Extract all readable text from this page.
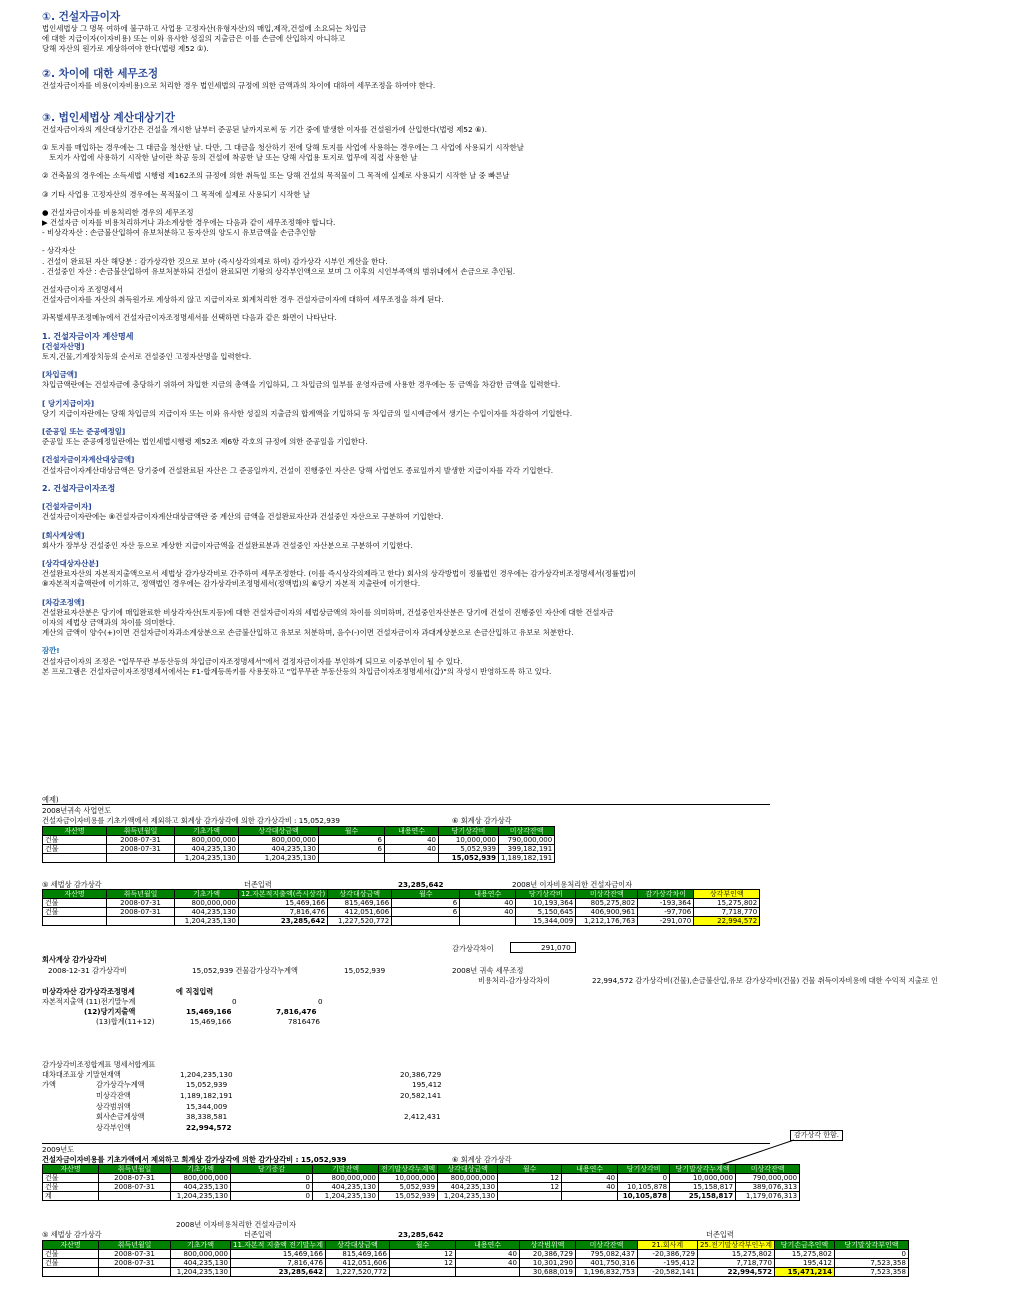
①. 건설자금이자
법인세법상 그 명목 여하에 불구하고 사업용 고정자산(유형자산)의 매입,제작,건설에 소요되는 차입금
에 대한 지급이자(이자비용) 또는 이와 유사한 성질의 지출금은 이를 손금에 산입하지 아니하고
당해 자산의 원가로 계상하여야 한다(법령 제52 ①).
②. 차이에 대한 세무조정
건설자금이자를 비용(이자비용)으로 처리한 경우 법인세법의 규정에 의한 금액과의 차이에 대하여 세무조정을 하여야 한다.
③. 법인세법상 계산대상기간
건설자금이자의 계산대상기간은 건설을 개시한 날부터 준공된 날까지로써 동 기간 중에 발생한 이자를 건설원가에 산입한다(법령 제52 ⑥).
① 토지를 매입하는 경우에는 그 대금을 청산한 날. 다만, 그 대금을 청산하기 전에 당해 토지를 사업에 사용하는 경우에는 그 사업에 사용되기 시작한날
토지가 사업에 사용하기 시작한 날이란 착공 등의 건설에 착공한 날 또는 당해 사업용 토지로 업무에 직접 사용한 날
② 건축물의 경우에는 소득세법 시행령 제162조의 규정에 의한 취득일 또는 당해 건설의 목적물이 그 목적에 실제로 사용되기 시작한 날 중 빠른날
③ 기타 사업용 고정자산의 경우에는 목적물이 그 목적에 실제로 사용되기 시작한 날
● 건설자금이자를 비용처리한 경우의 세무조정
▶ 건설자금 이자를 비용처리하거나 과소계상한 경우에는 다음과 같이 세무조정해야 합니다.
- 비상각자산 : 손금불산입하여 유보처분하고 동자산의 양도시 유보금액을 손금추인함
- 상각자산
. 건설이 완료된 자산 해당분 : 감가상각한 것으로 보아 (즉시상각의제로 하여) 감가상각 시부인 계산을 한다.
. 건설중인 자산 : 손금불산입하여 유보처분하되 건설이 완료되면 기왕의 상각부인액으로 보며 그 이후의 시인부족액의 범위내에서 손금으로 추인됨.
건설자금이자 조정명세서
건설자금이자를 자산의 취득원가로 계상하지 않고 지급이자로 회계처리한 경우 건설자금이자에 대하여 세무조정을 하게 된다.
과목별세무조정메뉴에서 건설자금이자조정명세서를 선택하면 다음과 같은 화면이 나타난다.
1. 건설자금이자 계산명세
[건설자산명]
토지,건물,기계장치등의 순서로 건설중인 고정자산명을 입력한다.
[차입금액]
차입금액란에는 건설자금에 충당하기 위하여 차입한 지금의 총액을 기입하되, 그 차입금의 일부를 운영자금에 사용한 경우에는 동 금액을 차감한 금액을 입력한다.
[ 당기지급이자]
당기 지급이자란에는 당해 차입금의 지급이자 또는 이와 유사한 성질의 지출금의 합계액을 기입하되 동 차입금의 일시예금에서 생기는 수입이자를 차감하여 기입한다.
[준공일 또는 준공예정일]
준공일 또는 준공예정일란에는 법인세법시행령 제52조 제6항 각호의 규정에 의한 준공일을 기입한다.
[건설자금이자계산대상금액]
건설자금이자계산대상금액은 당기중에 건설완료된 자산은 그 준공일까지, 건설이 진행중인 자산은 당해 사업연도 종료일까지 발생한 지급이자를 각각 기입한다.
2. 건설자금이자조정
[건설자금이자]
건설자금이자란에는 ⑧건설자금이자계산대상금액란 중 계산의 금액을 건설완료자산과 건설중인 자산으로 구분하여 기입한다.
[회사계상액]
회사가 장부상 건설중인 자산 등으로 계상한 지급이자금액을 건설완료분과 건설중인 자산분으로 구분하여 기입한다.
[상각대상자산분]
건설완료자산의 자본적지출액으로서 세법상 감가상각비로 간주하여 세무조정한다. (이를 즉시상각의제라고 한다) 회사의 상각방법이 정률법인 경우에는 감가상각비조정명세서(정률법)이
⑧자본적지출액란에 이기하고, 정액법인 경우에는 감가상각비조정명세서(정액법)의 ⑥당기 자본적 지출란에 이기한다.
[차감조정액]
건설완료자산분은 당기에 매입완료한 비상각자산(토지등)에 대한 건설자금이자의 세법상금액의 차이를 의미하며, 건설중인자산분은 당기에 건설이 진행중인 자산에 대한 건설자금
이자의 세법상 금액과의 차이를 의미한다.
계산의 금액이 양수(+)이면 건설자금이자과소계상분으로 손금불산입하고 유보로 처분하며, 음수(-)이면 건설자금이자 과대계상분으로 손금산입하고 유보로 처분한다.
잠깐!
건설자금이자의 조정은 "업무무관 부동산등의 차입금이자조정명세서"에서 결정자금이자를 부인하게 되므로 이중부인이 될 수 있다.
본 프로그램은 건설자금이자조정명세서에서는 F1-합계등록키를 사용못하고 "업무무관 부동산등의 차입금이자조정명세서(갑)"의 작성시 반영하도록 하고 있다.
예제)
2008년귀속 사업연도
건설자금이자비용를 기초가액에서 제외하고 회계상 감가상각에 의한 감가상각비 : 15,052,939	⑥ 회계상 감가상각
자산명	취득년월일	기초가액	상각대상금액	월수	내용연수	당기상각비	미상각잔액
건물	2008-07-31	800,000,000	800,000,000	6	40	10,000,000	790,000,000
건물	2008-07-31	404,235,130	404,235,130	6	40	5,052,939	399,182,191
		1,204,235,130	1,204,235,130			15,052,939	1,189,182,191
⑤ 세법상 감가상각	더존입력	23,285,642	2008년 이자비용처리한 건설자금이자
자산명	취득년월일	기초가액	12.자본적지출액(즉시상각)	상각대상금액	월수	내용연수	당기상각비	미상각잔액	감가상각차이	상각부인액
건물	2008-07-31	800,000,000	15,469,166	815,469,166	6	40	10,193,364	805,275,802	-193,364	15,275,802
건물	2008-07-31	404,235,130	7,816,476	412,051,606	6	40	5,150,645	406,900,961	-97,706	7,718,770
		1,204,235,130	23,285,642	1,227,520,772			15,344,009	1,212,176,763	-291,070	22,994,572
감가상각차이	291,070
회사계상 감가상각비
2008-12-31 감가상각비	15,052,939 건물감가상각누계액	15,052,939	2008년 귀속 세무조정
비용처리-감가상각차이	22,994,572 감가상각비(건물),손금불산입,유보 감가상각비(건물) 건물 취득이자비용에 대한 수익적 지출로 인
미상각자산 감가상각조정명세	에 직접입력
자본적지출액 (11)전기말누계	0	0
(12)당기지출액	15,469,166	7,816,476
(13)합계(11+12)	15,469,166	7816476
감가상각비조정합계표 명세서합계표
대차대조표상 기말현재액	1,204,235,130	20,386,729
가액	감가상각누계액	15,052,939	195,412
미상각잔액	1,189,182,191	20,582,141
상각범위액	15,344,009
회사손금계상액	38,338,581	2,412,431
상각부인액	22,994,572
감가상각 한함.
2009년도
건설자금이자비용를 기초가액에서 제외하고 회계상 감가상각에 의한 감가상각비 : 15,052,939	⑥ 회계상 감가상각
자산명	취득년월일	기초가액	당기증감	기말잔액	전기말상각누계액	상각대상금액	월수	내용연수	당기상각비	당기말상각누계액	미상각잔액
건물	2008-07-31	800,000,000	0	800,000,000	10,000,000	800,000,000	12	40	0	10,000,000	790,000,000
건물	2008-07-31	404,235,130	0	404,235,130	5,052,939	404,235,130	12	40	10,105,878	15,158,817	389,076,313
계		1,204,235,130	0	1,204,235,130	15,052,939	1,204,235,130			10,105,878	25,158,817	1,179,076,313
2008년 이자비용처리한 건설자금이자
⑤ 세법상 감가상각	더존입력	23,285,642	더존입력
자산명	취득년월일	기초가액	11.자본적 지출액 전기말누계	상각대상금액	월수	내용연수	상각범위액	미상각잔액	21.회사계	25.전기말상각부인누계	당기손금추인액	당기말상각부인액
건물	2008-07-31	800,000,000	15,469,166	815,469,166	12	40	20,386,729	795,082,437	-20,386,729	15,275,802	15,275,802	0
건물	2008-07-31	404,235,130	7,816,476	412,051,606	12	40	10,301,290	401,750,316	-195,412	7,718,770	195,412	7,523,358
		1,204,235,130	23,285,642	1,227,520,772			30,688,019	1,196,832,753	-20,582,141	22,994,572	15,471,214	7,523,358
